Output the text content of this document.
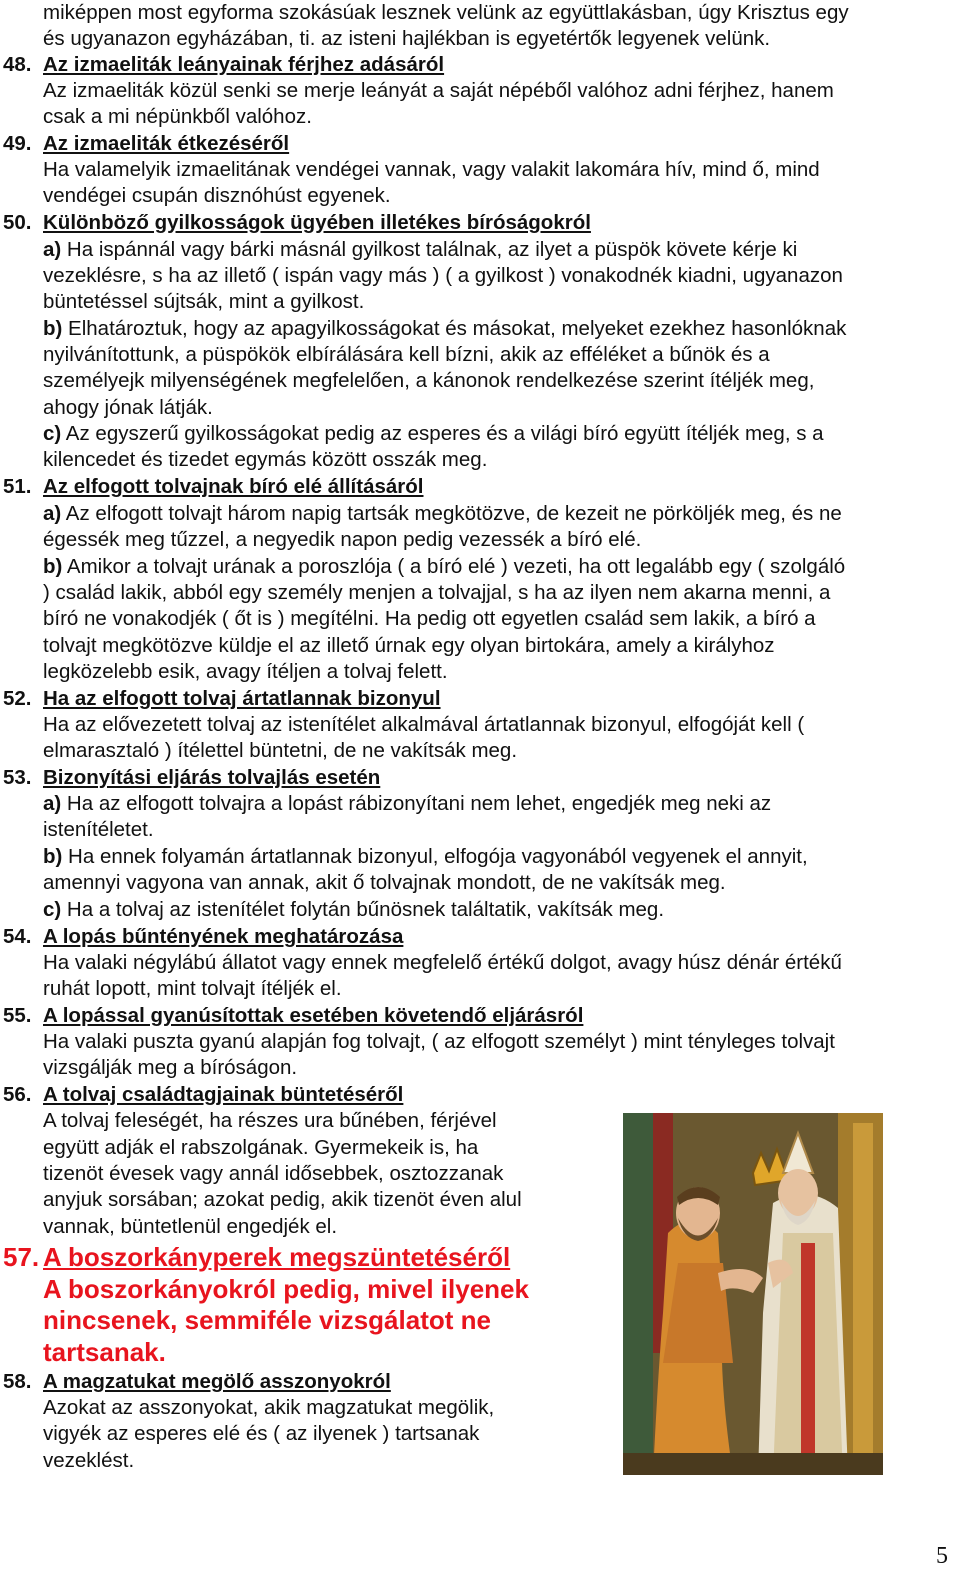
miképpen most egyforma szokásúak lesznek velünk az együttlakásban, úgy Krisztus egy
és ugyanazon egyházában, ti. az isteni hajlékban is egyetértők legyenek velünk.
48. Az izmaeliták leányainak férjhez adásáról
Az izmaeliták közül senki se merje leányát a saját népéből valóhoz adni férjhez, hanem
csak a mi népünkből valóhoz.
49. Az izmaeliták étkezéséről
Ha valamelyik izmaelitának vendégei vannak, vagy valakit lakomára hív, mind ő, mind
vendégei csupán disznóhúst egyenek.
50. Különböző gyilkosságok ügyében illetékes bíróságokról
a) Ha ispánnál vagy bárki másnál gyilkost találnak, az ilyet a püspök követe kérje ki
vezeklésre, s ha az illető ( ispán vagy más ) ( a gyilkost ) vonakodnék kiadni, ugyanazon
büntetéssel sújtsák, mint a gyilkost.
b) Elhatároztuk, hogy az apagyilkosságokat és másokat, melyeket ezekhez hasonlóknak
nyilvánítottunk, a püspökök elbírálására kell bízni, akik az efféléket a bűnök és a
személyejk milyenségének megfelelően, a kánonok rendelkezése szerint ítéljék meg,
ahogy jónak látják.
c) Az egyszerű gyilkosságokat pedig az esperes és a világi bíró együtt ítéljék meg, s a
kilencedet és tizedet egymás között osszák meg.
51. Az elfogott tolvajnak bíró elé állításáról
a) Az elfogott tolvajt három napig tartsák megkötözve, de kezeit ne pörköljék meg, és ne
égessék meg tűzzel, a negyedik napon pedig vezessék a bíró elé.
b) Amikor a tolvajt urának a poroszlója ( a bíró elé ) vezeti, ha ott legalább egy ( szolgáló
) család lakik, abból egy személy menjen a tolvajjal, s ha az ilyen nem akarna menni, a
bíró ne vonakodjék ( őt is ) megítélni. Ha pedig ott egyetlen család sem lakik, a bíró a
tolvajt megkötözve küldje el az illető úrnak egy olyan birtokára, amely a királyhoz
legközelebb esik, avagy ítéljen a tolvaj felett.
52. Ha az elfogott tolvaj ártatlannak bizonyul
Ha az elővezetett tolvaj az istenítélet alkalmával ártatlannak bizonyul, elfogóját kell (
elmarasztaló ) ítélettel büntetni, de ne vakítsák meg.
53. Bizonyítási eljárás tolvajlás esetén
a) Ha az elfogott tolvajra a lopást rábizonyítani nem lehet, engedjék meg neki az
istenítéletet.
b) Ha ennek folyamán ártatlannak bizonyul, elfogója vagyonából vegyenek el annyit,
amennyi vagyona van annak, akit ő tolvajnak mondott, de ne vakítsák meg.
c) Ha a tolvaj az istenítélet folytán bűnösnek találtatik, vakítsák meg.
54. A lopás bűntényének meghatározása
Ha valaki négylábú állatot vagy ennek megfelelő értékű dolgot, avagy húsz dénár értékű
ruhát lopott, mint tolvajt ítéljék el.
55. A lopással gyanúsítottak esetében követendő eljárásról
Ha valaki puszta gyanú alapján fog tolvajt, ( az elfogott személyt ) mint tényleges tolvajt
vizsgálják meg a bíróságon.
56. A tolvaj családtagjainak büntetéséről
A tolvaj feleségét, ha részes ura bűnében, férjével
együtt adják el rabszolgának. Gyermekeik is, ha
tizenöt évesek vagy annál idősebbek, osztozzanak
anyjuk sorsában; azokat pedig, akik tizenöt éven alul
vannak, büntetlenül engedjék el.
57. A boszorkányperek megszüntetéséről
A boszorkányokról pedig, mivel ilyenek
nincsenek, semmiféle vizsgálatot ne
tartsanak.
58. A magzatukat megölő asszonyokról
Azokat az asszonyokat, akik magzatukat megölik,
vigyék az esperes elé és ( az ilyenek ) tartsanak
vezeklést.
5
